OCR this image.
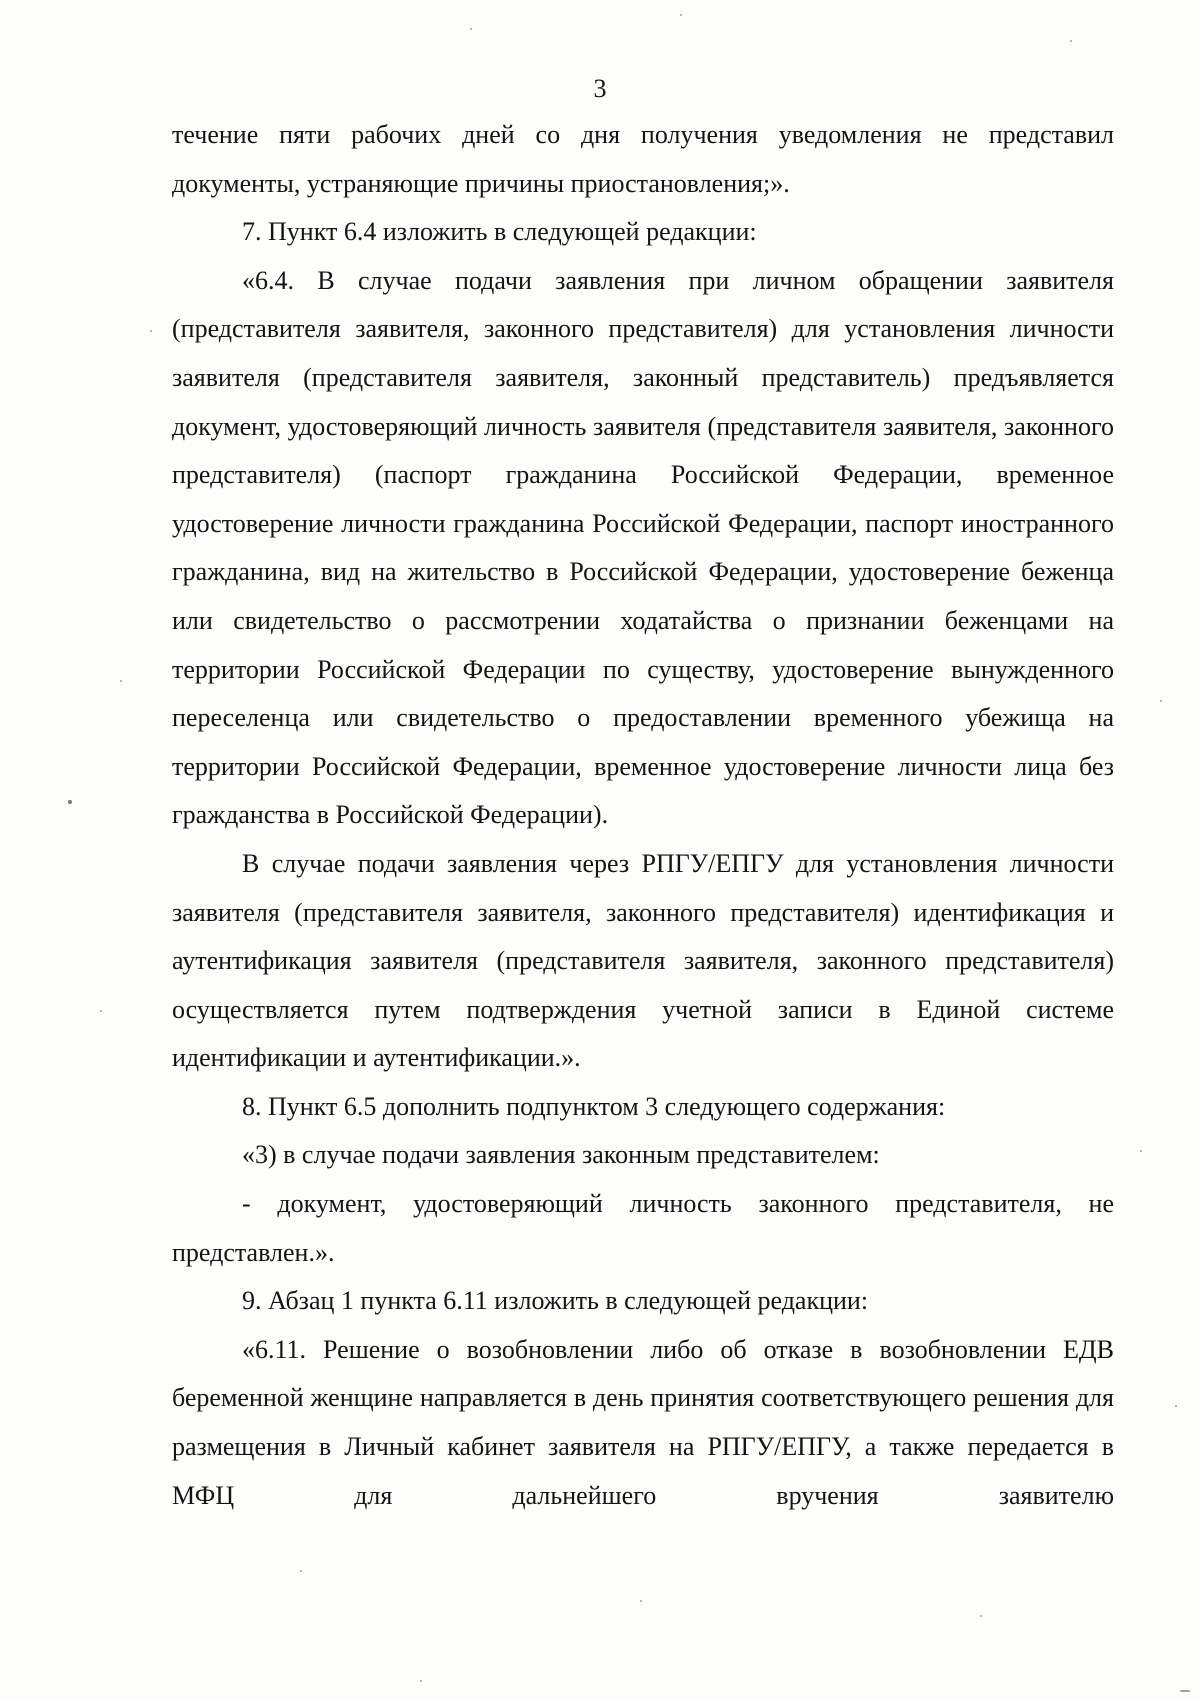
3

течение пяти рабочих дней со дня получения уведомления не представил документы, устраняющие причины приостановления;».

7. Пункт 6.4 изложить в следующей редакции:

«6.4. В случае подачи заявления при личном обращении заявителя (представителя заявителя, законного представителя) для установления личности заявителя (представителя заявителя, законный представитель) предъявляется документ, удостоверяющий личность заявителя (представителя заявителя, законного представителя) (паспорт гражданина Российской Федерации, временное удостоверение личности гражданина Российской Федерации, паспорт иностранного гражданина, вид на жительство в Российской Федерации, удостоверение беженца или свидетельство о рассмотрении ходатайства о признании беженцами на территории Российской Федерации по существу, удостоверение вынужденного переселенца или свидетельство о предоставлении временного убежища на территории Российской Федерации, временное удостоверение личности лица без гражданства в Российской Федерации).

В случае подачи заявления через РПГУ/ЕПГУ для установления личности заявителя (представителя заявителя, законного представителя) идентификация и аутентификация заявителя (представителя заявителя, законного представителя) осуществляется путем подтверждения учетной записи в Единой системе идентификации и аутентификации.».

8. Пункт 6.5 дополнить подпунктом 3 следующего содержания:

«3) в случае подачи заявления законным представителем:

- документ, удостоверяющий личность законного представителя, не представлен.».

9. Абзац 1 пункта 6.11 изложить в следующей редакции:

«6.11. Решение о возобновлении либо об отказе в возобновлении ЕДВ беременной женщине направляется в день принятия соответствующего решения для размещения в Личный кабинет заявителя на РПГУ/ЕПГУ, а также передается в МФЦ для дальнейшего вручения заявителю
